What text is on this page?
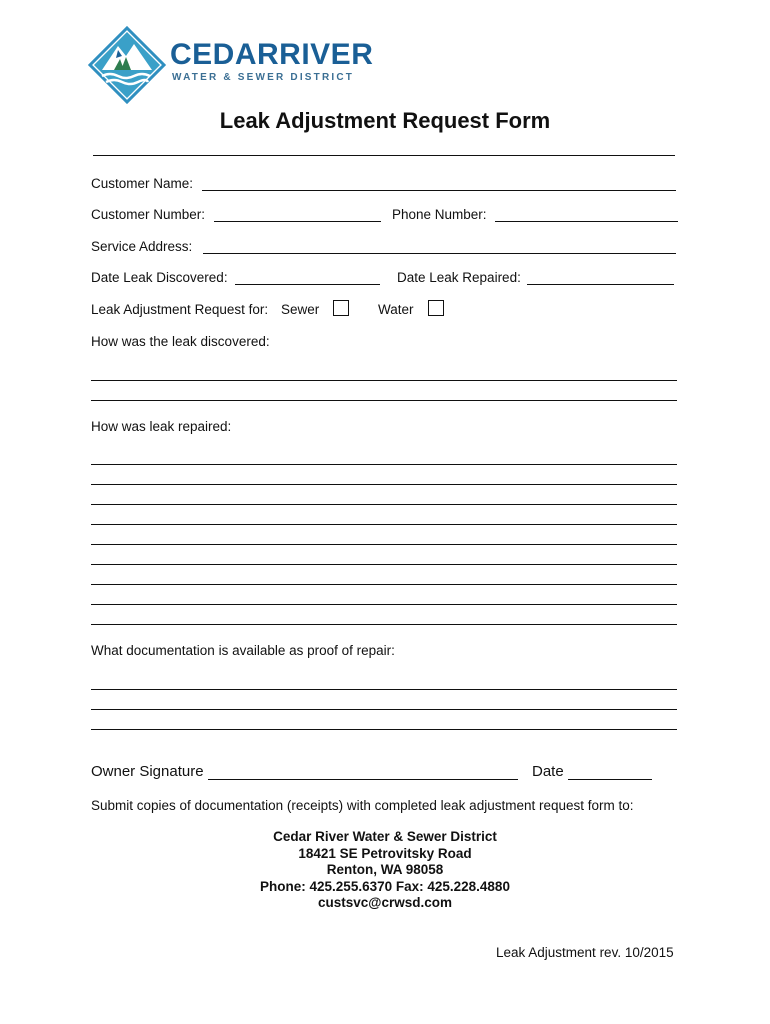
CEDARRIVER
WATER & SEWER DISTRICT
Leak Adjustment Request Form
Customer Name:
Customer Number:	Phone Number:
Service Address:
Date Leak Discovered:	Date Leak Repaired:
Leak Adjustment Request for: Sewer	Water
How was the leak discovered:
How was leak repaired:
What documentation is available as proof of repair:
Owner Signature	Date
Submit copies of documentation (receipts) with completed leak adjustment request form to:
Cedar River Water & Sewer District
18421 SE Petrovitsky Road
Renton, WA 98058
Phone: 425.255.6370 Fax: 425.228.4880
custsvc@crwsd.com
Leak Adjustment rev. 10/2015
